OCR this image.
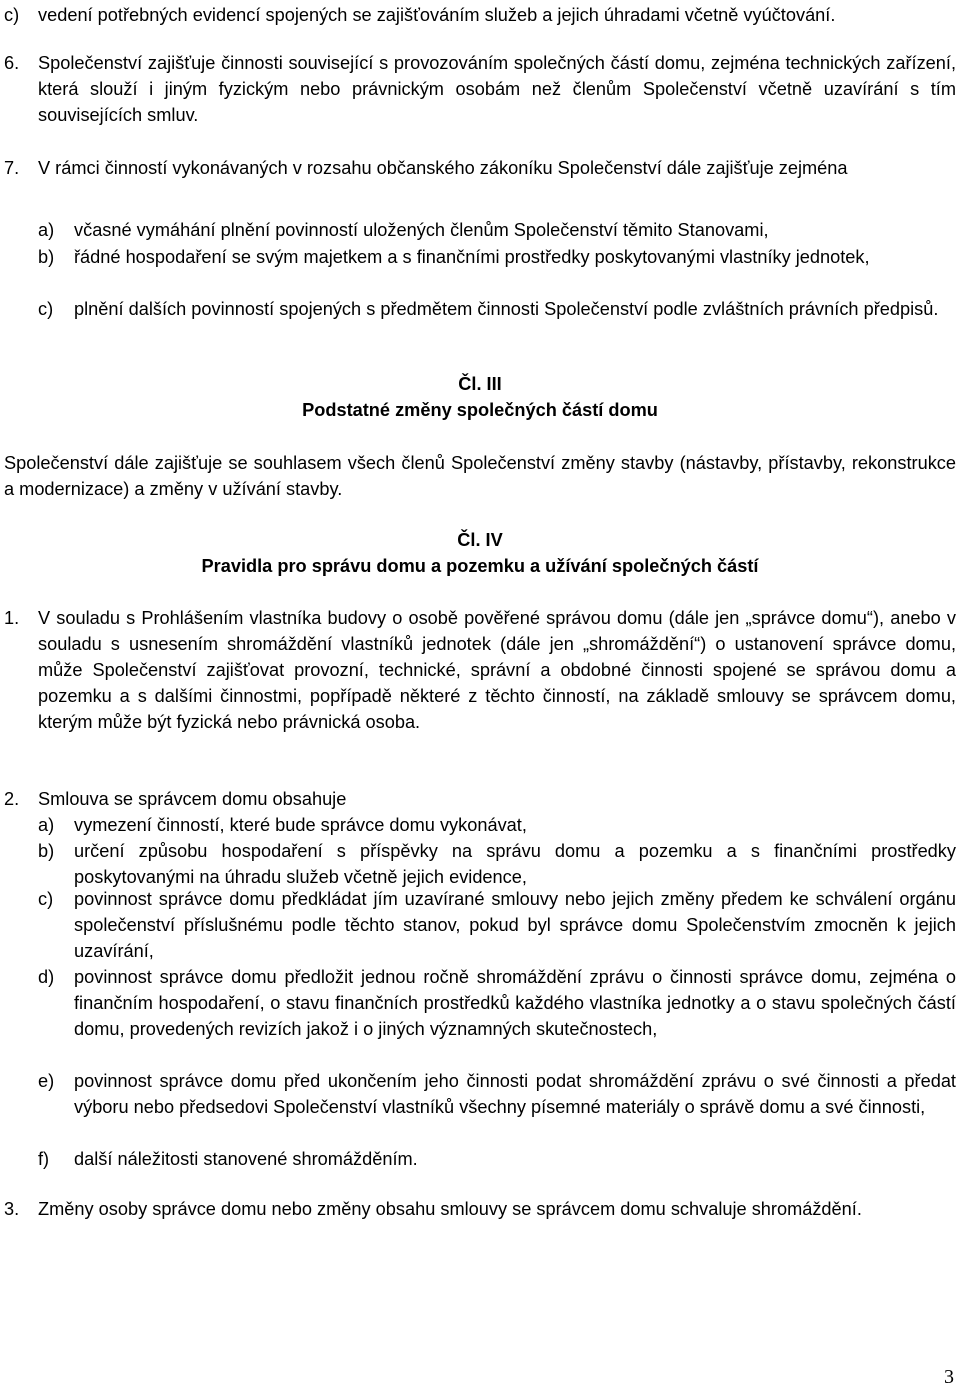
c)	vedení potřebných evidencí spojených se zajišťováním služeb a jejich úhradami včetně vyúčtování.
6.	Společenství zajišťuje činnosti související s provozováním společných částí domu, zejména technických zařízení, která slouží i jiným fyzickým nebo právnickým osobám než členům Společenství včetně uzavírání s tím souvisejících smluv.
7.	V rámci činností vykonávaných v rozsahu občanského zákoníku Společenství dále zajišťuje zejména
a)	včasné vymáhání plnění povinností uložených členům Společenství těmito Stanovami,
b)	řádné hospodaření se svým majetkem a s finančními prostředky poskytovanými vlastníky jednotek,
c)	plnění dalších povinností spojených s předmětem činnosti Společenství podle zvláštních právních předpisů.
Čl. III
Podstatné změny společných částí domu
Společenství dále zajišťuje se souhlasem všech členů Společenství změny stavby (nástavby, přístavby, rekonstrukce a modernizace) a změny v užívání stavby.
Čl. IV
Pravidla pro správu domu a pozemku a užívání společných částí
1.	V souladu s Prohlášením vlastníka budovy o osobě pověřené správou domu (dále jen „správce domu“), anebo v souladu s usnesením shromáždění vlastníků jednotek (dále jen „shromáždění“) o ustanovení správce domu, může Společenství zajišťovat provozní, technické, správní a obdobné činnosti spojené se správou domu a pozemku a s dalšími činnostmi, popřípadě některé z těchto činností, na základě smlouvy se správcem domu, kterým může být fyzická nebo právnická osoba.
2.	Smlouva se správcem domu obsahuje
a)	vymezení činností, které bude správce domu vykonávat,
b)	určení způsobu hospodaření s příspěvky na správu domu a pozemku a s finančními prostředky poskytovanými na úhradu služeb včetně jejich evidence,
c)	povinnost správce domu předkládat jím uzavírané smlouvy nebo jejich změny předem ke schválení orgánu společenství příslušnému podle těchto stanov, pokud byl správce domu Společenstvím zmocněn k jejich uzavírání,
d)	povinnost správce domu předložit jednou ročně shromáždění zprávu o činnosti správce domu, zejména o finančním hospodaření, o stavu finančních prostředků každého vlastníka jednotky a o stavu společných částí domu, provedených revizích jakož i o jiných významných skutečnostech,
e)	povinnost správce domu před ukončením jeho činnosti podat shromáždění zprávu o své činnosti a předat výboru nebo předsedovi Společenství vlastníků všechny písemné materiály o správě domu a své činnosti,
f)	další náležitosti stanovené shromážděním.
3.	Změny osoby správce domu nebo změny obsahu smlouvy se správcem domu schvaluje shromáždění.
3
